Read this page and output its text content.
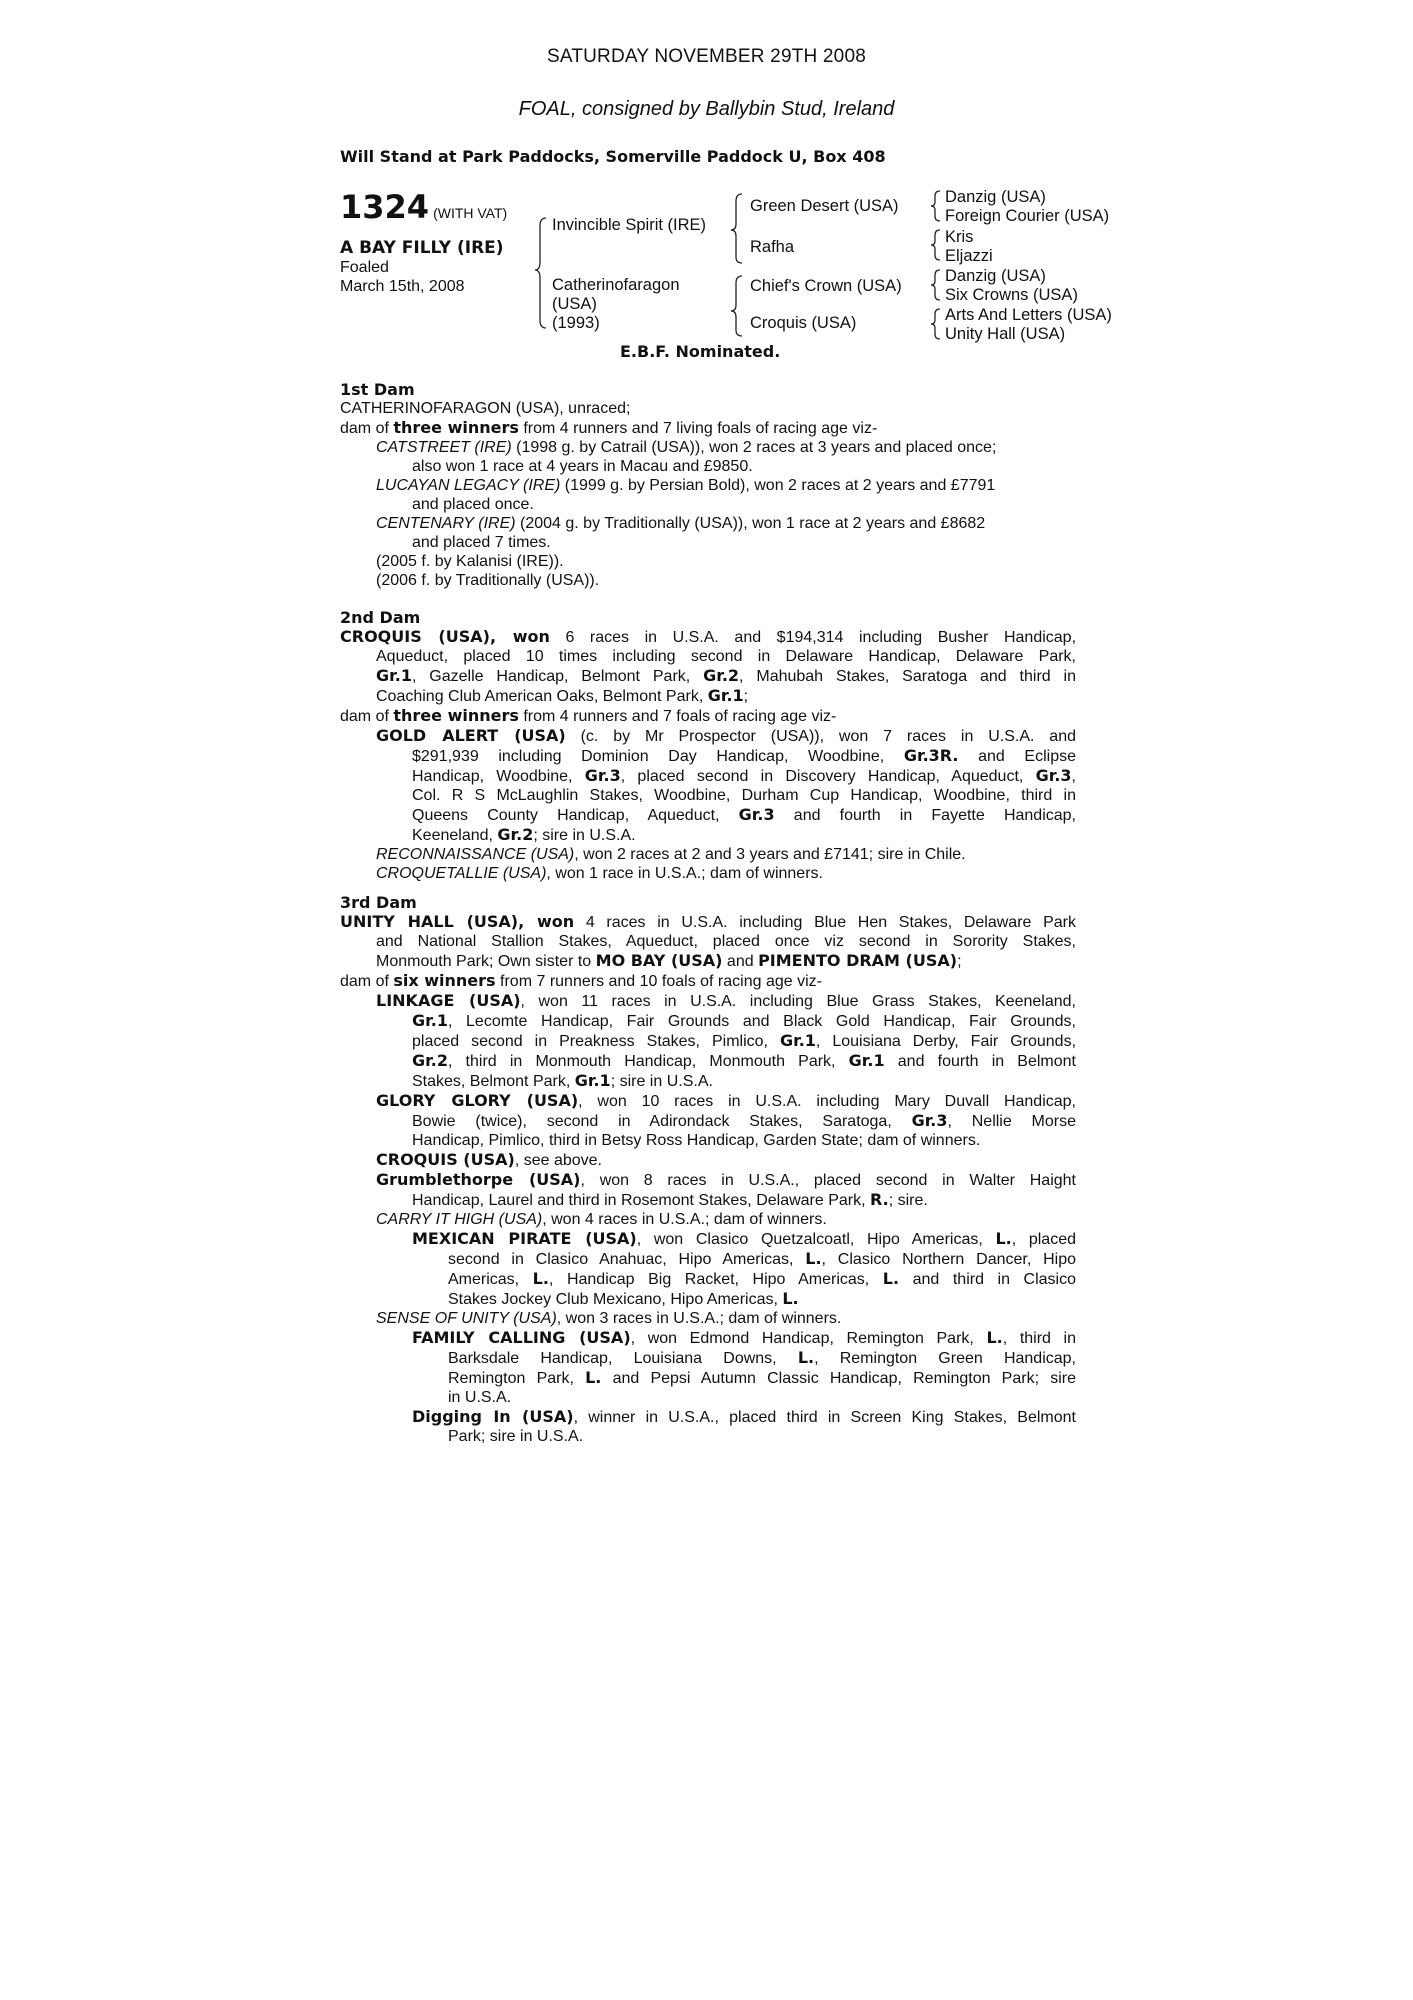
SATURDAY NOVEMBER 29TH 2008
FOAL, consigned by Ballybin Stud, Ireland
Will Stand at Park Paddocks, Somerville Paddock U, Box 408
1324 (WITH VAT)
A BAY FILLY (IRE)
Foaled
March 15th, 2008
Invincible Spirit (IRE)
Catherinofaragon
(USA)
(1993)
Green Desert (USA)
Rafha
Chief's Crown (USA)
Croquis (USA)
Danzig (USA)
Foreign Courier (USA)
Kris
Eljazzi
Danzig (USA)
Six Crowns (USA)
Arts And Letters (USA)
Unity Hall (USA)
E.B.F. Nominated.
1st Dam
CATHERINOFARAGON (USA), unraced;
dam of three winners from 4 runners and 7 living foals of racing age viz-
CATSTREET (IRE) (1998 g. by Catrail (USA)), won 2 races at 3 years and placed once;
also won 1 race at 4 years in Macau and £9850.
LUCAYAN LEGACY (IRE) (1999 g. by Persian Bold), won 2 races at 2 years and £7791
and placed once.
CENTENARY (IRE) (2004 g. by Traditionally (USA)), won 1 race at 2 years and £8682
and placed 7 times.
(2005 f. by Kalanisi (IRE)).
(2006 f. by Traditionally (USA)).
2nd Dam
CROQUIS (USA), won 6 races in U.S.A. and $194,314 including Busher Handicap,
Aqueduct, placed 10 times including second in Delaware Handicap, Delaware Park,
Gr.1, Gazelle Handicap, Belmont Park, Gr.2, Mahubah Stakes, Saratoga and third in
Coaching Club American Oaks, Belmont Park, Gr.1;
dam of three winners from 4 runners and 7 foals of racing age viz-
GOLD ALERT (USA) (c. by Mr Prospector (USA)), won 7 races in U.S.A. and
$291,939 including Dominion Day Handicap, Woodbine, Gr.3R. and Eclipse
Handicap, Woodbine, Gr.3, placed second in Discovery Handicap, Aqueduct, Gr.3,
Col. R S McLaughlin Stakes, Woodbine, Durham Cup Handicap, Woodbine, third in
Queens County Handicap, Aqueduct, Gr.3 and fourth in Fayette Handicap,
Keeneland, Gr.2; sire in U.S.A.
RECONNAISSANCE (USA), won 2 races at 2 and 3 years and £7141; sire in Chile.
CROQUETALLIE (USA), won 1 race in U.S.A.; dam of winners.
3rd Dam
UNITY HALL (USA), won 4 races in U.S.A. including Blue Hen Stakes, Delaware Park
and National Stallion Stakes, Aqueduct, placed once viz second in Sorority Stakes,
Monmouth Park; Own sister to MO BAY (USA) and PIMENTO DRAM (USA);
dam of six winners from 7 runners and 10 foals of racing age viz-
LINKAGE (USA), won 11 races in U.S.A. including Blue Grass Stakes, Keeneland,
Gr.1, Lecomte Handicap, Fair Grounds and Black Gold Handicap, Fair Grounds,
placed second in Preakness Stakes, Pimlico, Gr.1, Louisiana Derby, Fair Grounds,
Gr.2, third in Monmouth Handicap, Monmouth Park, Gr.1 and fourth in Belmont
Stakes, Belmont Park, Gr.1; sire in U.S.A.
GLORY GLORY (USA), won 10 races in U.S.A. including Mary Duvall Handicap,
Bowie (twice), second in Adirondack Stakes, Saratoga, Gr.3, Nellie Morse
Handicap, Pimlico, third in Betsy Ross Handicap, Garden State; dam of winners.
CROQUIS (USA), see above.
Grumblethorpe (USA), won 8 races in U.S.A., placed second in Walter Haight
Handicap, Laurel and third in Rosemont Stakes, Delaware Park, R.; sire.
CARRY IT HIGH (USA), won 4 races in U.S.A.; dam of winners.
MEXICAN PIRATE (USA), won Clasico Quetzalcoatl, Hipo Americas, L., placed
second in Clasico Anahuac, Hipo Americas, L., Clasico Northern Dancer, Hipo
Americas, L., Handicap Big Racket, Hipo Americas, L. and third in Clasico
Stakes Jockey Club Mexicano, Hipo Americas, L.
SENSE OF UNITY (USA), won 3 races in U.S.A.; dam of winners.
FAMILY CALLING (USA), won Edmond Handicap, Remington Park, L., third in
Barksdale Handicap, Louisiana Downs, L., Remington Green Handicap,
Remington Park, L. and Pepsi Autumn Classic Handicap, Remington Park; sire
in U.S.A.
Digging In (USA), winner in U.S.A., placed third in Screen King Stakes, Belmont
Park; sire in U.S.A.
